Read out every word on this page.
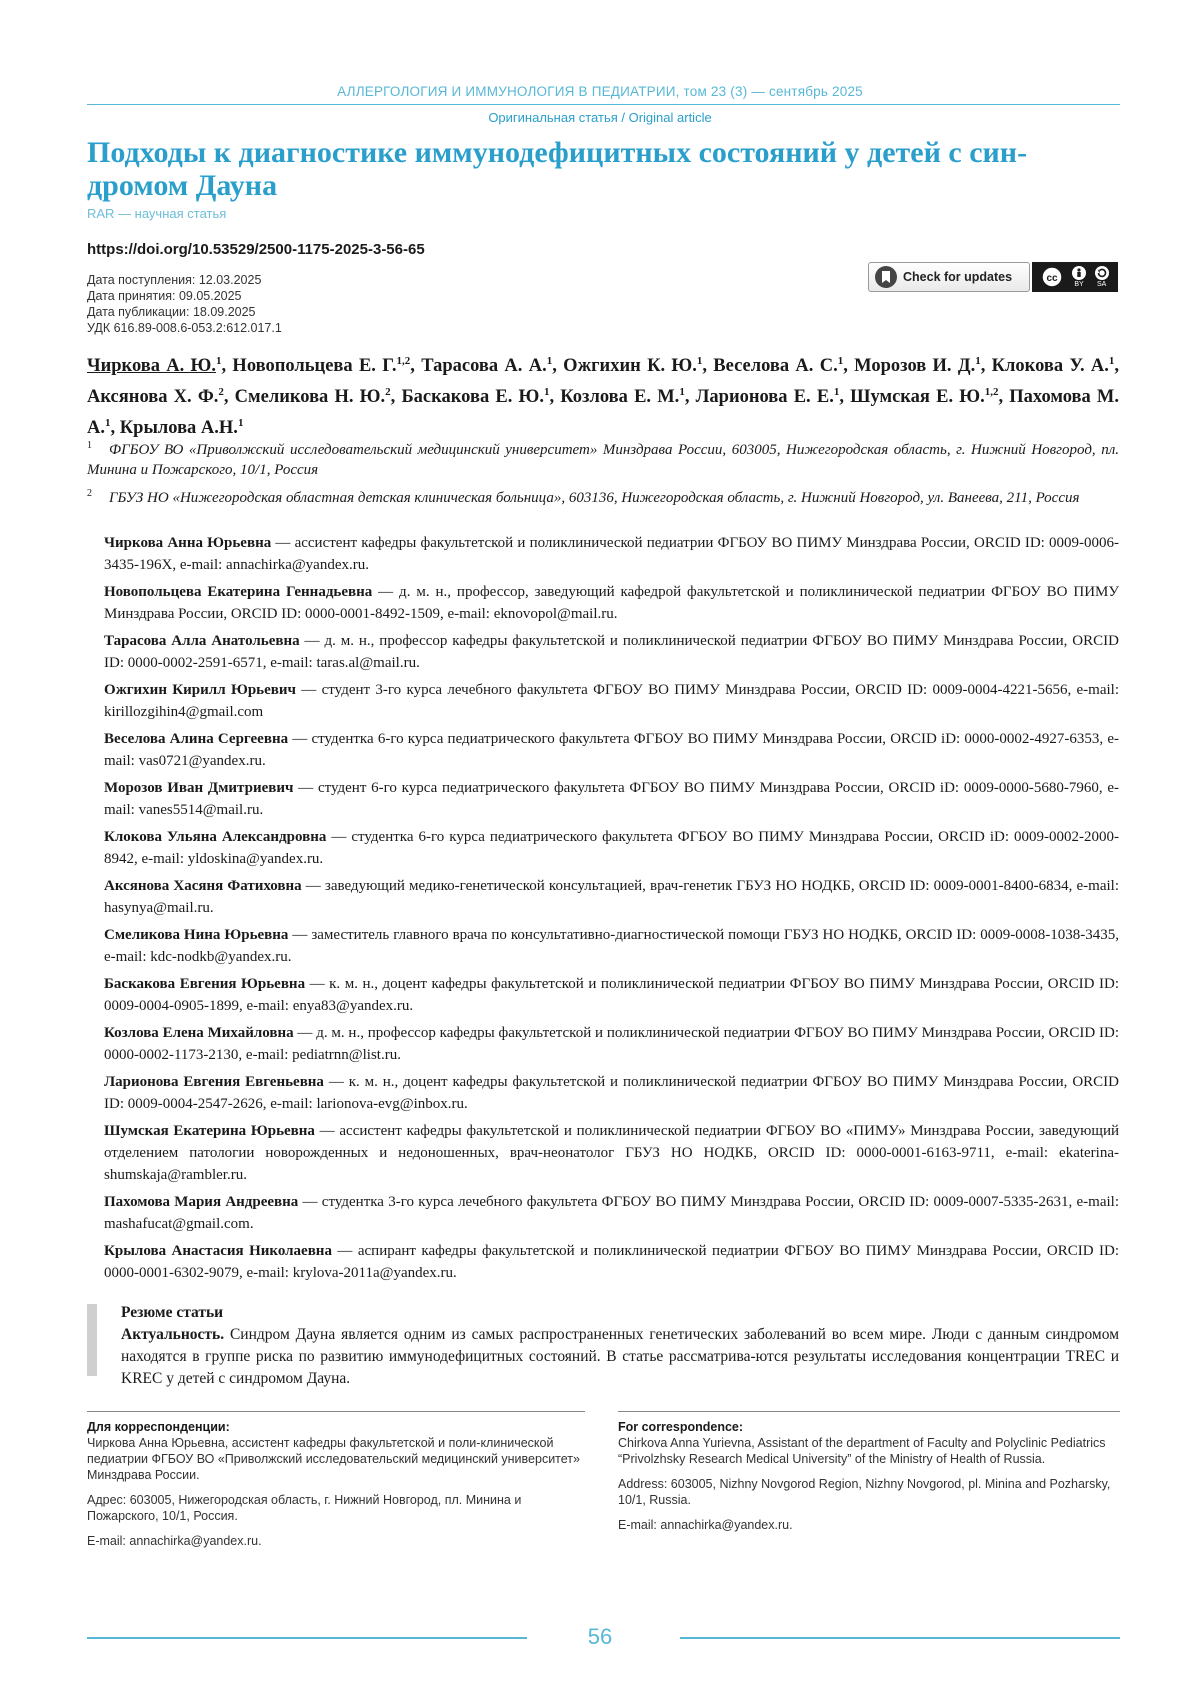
АЛЛЕРГОЛОГИЯ И ИММУНОЛОГИЯ В ПЕДИАТРИИ, том 23 (3) — сентябрь 2025
Оригинальная статья / Original article
Подходы к диагностике иммунодефицитных состояний у детей с син-дромом Дауна
RAR — научная статья
https://doi.org/10.53529/2500-1175-2025-3-56-65
Дата поступления: 12.03.2025
Дата принятия: 09.05.2025
Дата публикации: 18.09.2025
УДК 616.89-008.6-053.2:612.017.1
Check for updates	cc
BY SA
Чиркова А. Ю.$^1$, Новопольцева Е. Г.$^{1,2}$, Тарасова А. А.$^1$, Ожгихин К. Ю.$^1$, Веселова А. С.$^1$, Морозов И. Д.$^1$, Клокова У. А.$^1$, Аксянова Х. Ф.$^2$, Смеликова Н. Ю.$^2$, Баскакова Е. Ю.$^1$, Козлова Е. М.$^1$, Ларионова Е. Е.$^1$, Шумская Е. Ю.$^{1,2}$, Пахомова М. А.$^1$, Крылова А.Н.$^1$
1 ФГБОУ ВО «Приволжский исследовательский медицинский университет» Минздрава России, 603005, Нижегородская область, г. Нижний Новгород, пл. Минина и Пожарского, 10/1, Россия
2 ГБУЗ НО «Нижегородская областная детская клиническая больница», 603136, Нижегородская область, г. Нижний Новгород, ул. Ванеева, 211, Россия
Чиркова Анна Юрьевна — ассистент кафедры факультетской и поликлинической педиатрии ФГБОУ ВО ПИМУ Минздрава России, ORCID ID: 0009-0006-3435-196X, e-mail: annachirka@yandex.ru.
Новопольцева Екатерина Геннадьевна — д. м. н., профессор, заведующий кафедрой факультетской и поликлинической педиатрии ФГБОУ ВО ПИМУ Минздрава России, ORCID ID: 0000-0001-8492-1509, e-mail: eknovopol@mail.ru.
Тарасова Алла Анатольевна — д. м. н., профессор кафедры факультетской и поликлинической педиатрии ФГБОУ ВО ПИМУ Минздрава России, ORCID ID: 0000-0002-2591-6571, e-mail: taras.al@mail.ru.
Ожгихин Кирилл Юрьевич — студент 3-го курса лечебного факультета ФГБОУ ВО ПИМУ Минздрава России, ORCID ID: 0009-0004-4221-5656, e-mail: kirillozgihin4@gmail.com
Веселова Алина Сергеевна — студентка 6-го курса педиатрического факультета ФГБОУ ВО ПИМУ Минздрава России, ORCID iD: 0000-0002-4927-6353, e-mail: vas0721@yandex.ru.
Морозов Иван Дмитриевич — студент 6-го курса педиатрического факультета ФГБОУ ВО ПИМУ Минздрава России, ORCID iD: 0009-0000-5680-7960, e-mail: vanes5514@mail.ru.
Клокова Ульяна Александровна — студентка 6-го курса педиатрического факультета ФГБОУ ВО ПИМУ Минздрава России, ORCID iD: 0009-0002-2000-8942, e-mail: yldoskina@yandex.ru.
Аксянова Хасяня Фатиховна — заведующий медико-генетической консультацией, врач-генетик ГБУЗ НО НОДКБ, ORCID ID: 0009-0001-8400-6834, e-mail: hasynya@mail.ru.
Смеликова Нина Юрьевна — заместитель главного врача по консультативно-диагностической помощи ГБУЗ НО НОДКБ, ORCID ID: 0009-0008-1038-3435, e-mail: kdc-nodkb@yandex.ru.
Баскакова Евгения Юрьевна — к. м. н., доцент кафедры факультетской и поликлинической педиатрии ФГБОУ ВО ПИМУ Минздрава России, ORCID ID: 0009-0004-0905-1899, e-mail: enya83@yandex.ru.
Козлова Елена Михайловна — д. м. н., профессор кафедры факультетской и поликлинической педиатрии ФГБОУ ВО ПИМУ Минздрава России, ORCID ID: 0000-0002-1173-2130, e-mail: pediatrnn@list.ru.
Ларионова Евгения Евгеньевна — к. м. н., доцент кафедры факультетской и поликлинической педиатрии ФГБОУ ВО ПИМУ Минздрава России, ORCID ID: 0009-0004-2547-2626, e-mail: larionova-evg@inbox.ru.
Шумская Екатерина Юрьевна — ассистент кафедры факультетской и поликлинической педиатрии ФГБОУ ВО «ПИМУ» Минздрава России, заведующий отделением патологии новорожденных и недоношенных, врач-неонатолог ГБУЗ НО НОДКБ, ORCID ID: 0000-0001-6163-9711, e-mail: ekaterina-shumskaja@rambler.ru.
Пахомова Мария Андреевна — студентка 3-го курса лечебного факультета ФГБОУ ВО ПИМУ Минздрава России, ORCID ID: 0009-0007-5335-2631, e-mail: mashafucat@gmail.com.
Крылова Анастасия Николаевна — аспирант кафедры факультетской и поликлинической педиатрии ФГБОУ ВО ПИМУ Минздрава России, ORCID ID: 0000-0001-6302-9079, e-mail: krylova-2011a@yandex.ru.
Резюме статьи
Актуальность. Синдром Дауна является одним из самых распространенных генетических заболеваний во всем мире. Люди с данным синдромом находятся в группе риска по развитию иммунодефицитных состояний. В статье рассматрива-ются результаты исследования концентрации TREC и KREC у детей с синдромом Дауна.
Для корреспонденции:

Чиркова Анна Юрьевна, ассистент кафедры факультетской и поли-клинической педиатрии ФГБОУ ВО «Приволжский исследовательский медицинский университет» Минздрава России.

Адрес: 603005, Нижегородская область, г. Нижний Новгород, пл. Минина и Пожарского, 10/1, Россия.

E-mail: annachirka@yandex.ru.

For correspondence:

Chirkova Anna Yurievna, Assistant of the department of Faculty and Polyclinic Pediatrics “Privolzhsky Research Medical University” of the Ministry of Health of Russia.

Address: 603005, Nizhny Novgorod Region, Nizhny Novgorod, pl. Minina and Pozharsky, 10/1, Russia.

E-mail: annachirka@yandex.ru.

56
